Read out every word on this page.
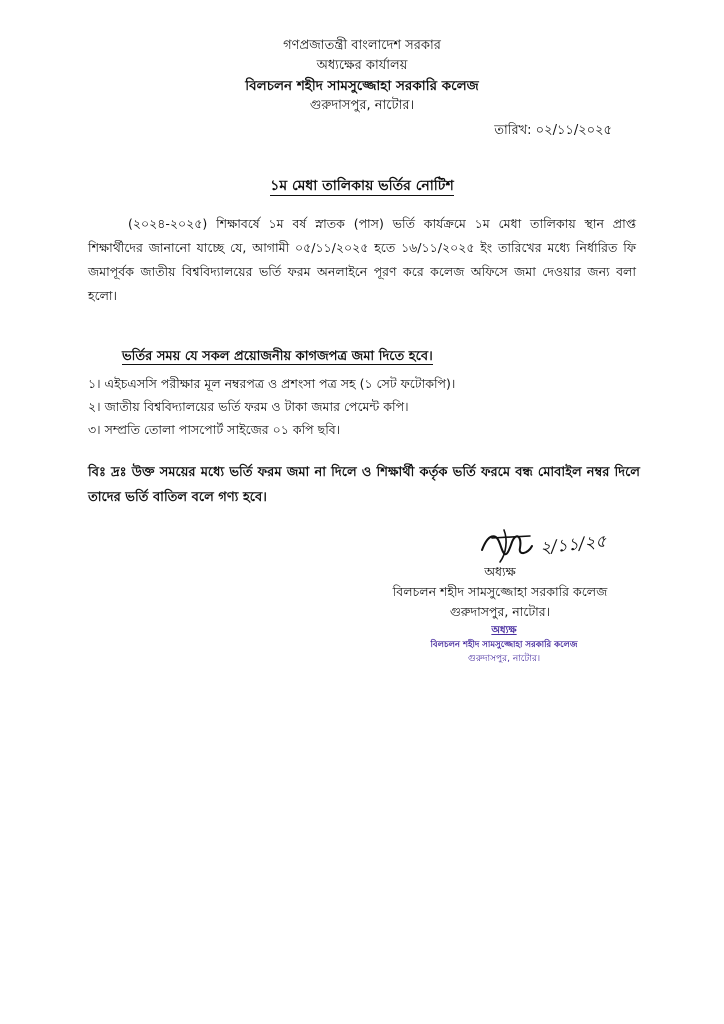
গণপ্রজাতন্ত্রী বাংলাদেশ সরকার
অধ্যক্ষের কার্যালয়
বিলচলন শহীদ সামসুজ্জোহা সরকারি কলেজ
গুরুদাসপুর, নাটোর।
তারিখ: ০২/১১/২০২৫
১ম মেধা তালিকায় ভর্তির নোটিশ
(২০২৪-২০২৫) শিক্ষাবর্ষে ১ম বর্ষ স্নাতক (পাস) ভর্তি কার্যক্রমে ১ম মেধা তালিকায় স্থান প্রাপ্ত শিক্ষার্থীদের জানানো যাচ্ছে যে, আগামী ০৫/১১/২০২৫ হতে ১৬/১১/২০২৫ ইং তারিখের মধ্যে নির্ধারিত ফি জমাপূর্বক জাতীয় বিশ্ববিদ্যালয়ের ভর্তি ফরম অনলাইনে পূরণ করে কলেজ অফিসে জমা দেওয়ার জন্য বলা হলো।
ভর্তির সময় যে সকল প্রয়োজনীয় কাগজপত্র জমা দিতে হবে।
১। এইচএসসি পরীক্ষার মূল নম্বরপত্র ও প্রশংসা পত্র সহ (১ সেট ফটোকপি)।
২। জাতীয় বিশ্ববিদ্যালয়ের ভর্তি ফরম ও টাকা জমার পেমেন্ট কপি।
৩। সম্প্রতি তোলা পাসপোর্ট সাইজের ০১ কপি ছবি।
বিঃ দ্রঃ উক্ত সময়ের মধ্যে ভর্তি ফরম জমা না দিলে ও শিক্ষার্থী কর্তৃক ভর্তি ফরমে বন্ধ মোবাইল নম্বর দিলে তাদের ভর্তি বাতিল বলে গণ্য হবে।
২/১১/২৫
অধ্যক্ষ
বিলচলন শহীদ সামসুজ্জোহা সরকারি কলেজ
গুরুদাসপুর, নাটোর।
অধ্যক্ষ
বিলচলন শহীদ সামসুজ্জোহা সরকারি কলেজ
গুরুদাসপুর, নাটোর।
